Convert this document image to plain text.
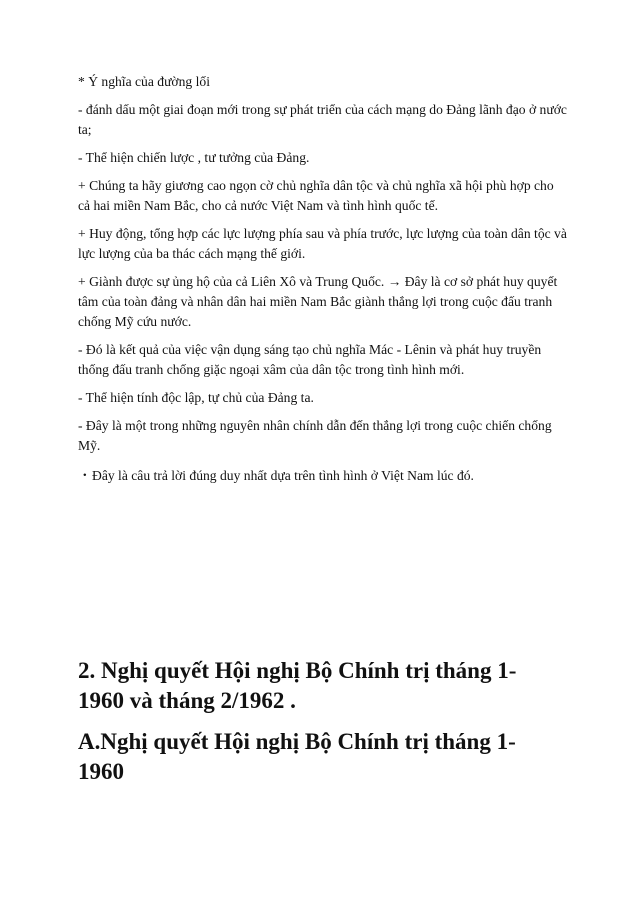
* Ý nghĩa của đường lối

- đánh dấu một giai đoạn mới trong sự phát triển của cách mạng do Đảng lãnh đạo ở nước ta;

- Thể hiện chiến lược , tư tưởng của Đảng.

+ Chúng ta hãy giương cao ngọn cờ chủ nghĩa dân tộc và chủ nghĩa xã hội phù hợp cho cả hai miền Nam Bắc, cho cả nước Việt Nam và tình hình quốc tế.

+ Huy động, tổng hợp các lực lượng phía sau và phía trước, lực lượng của toàn dân tộc và lực lượng của ba thác cách mạng thế giới.

+ Giành được sự ủng hộ của cả Liên Xô và Trung Quốc. → Đây là cơ sở phát huy quyết tâm của toàn đảng và nhân dân hai miền Nam Bắc giành thắng lợi trong cuộc đấu tranh chống Mỹ cứu nước.

- Đó là kết quả của việc vận dụng sáng tạo chủ nghĩa Mác - Lênin và phát huy truyền thống đấu tranh chống giặc ngoại xâm của dân tộc trong tình hình mới.

- Thể hiện tính độc lập, tự chủ của Đảng ta.

- Đây là một trong những nguyên nhân chính dẫn đến thắng lợi trong cuộc chiến chống Mỹ.

・Đây là câu trả lời đúng duy nhất dựa trên tình hình ở Việt Nam lúc đó.

2. Nghị quyết Hội nghị Bộ Chính trị tháng 1-1960 và tháng 2/1962 .
A.Nghị quyết Hội nghị Bộ Chính trị tháng 1-1960
